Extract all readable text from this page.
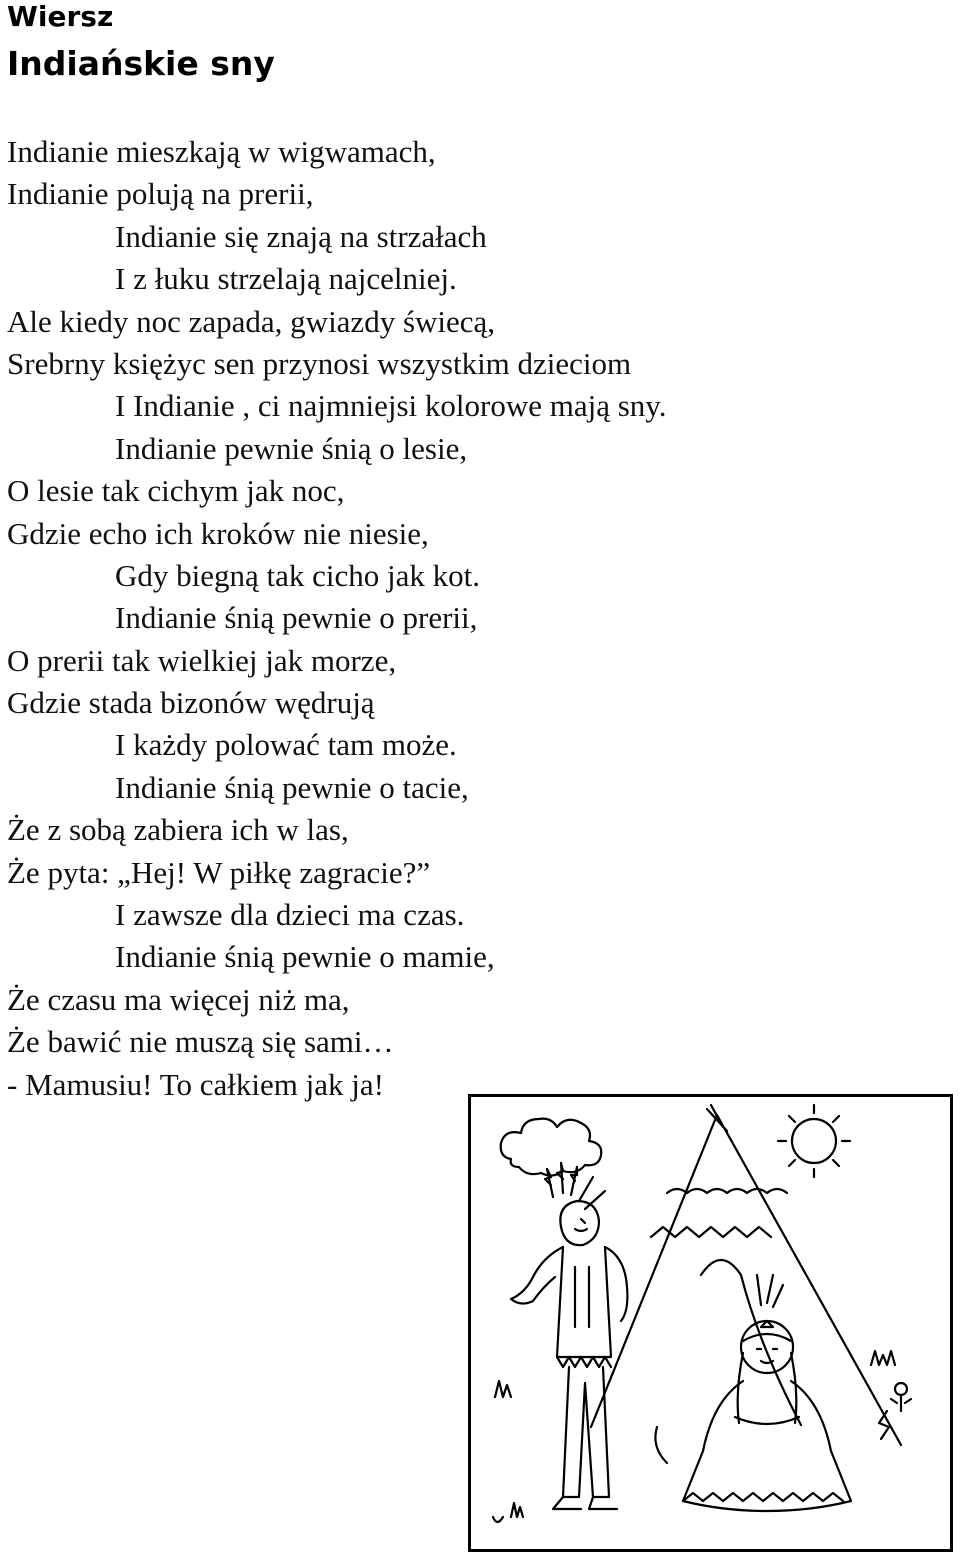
Wiersz
Indiańskie sny
Indianie mieszkają w wigwamach,
Indianie polują na prerii,
Indianie się znają na strzałach
I z łuku strzelają najcelniej.
Ale kiedy noc zapada, gwiazdy świecą,
Srebrny księżyc sen przynosi wszystkim dzieciom
I Indianie , ci najmniejsi kolorowe mają sny.
Indianie pewnie śnią o lesie,
O lesie tak cichym jak noc,
Gdzie echo ich kroków nie niesie,
Gdy biegną tak cicho jak kot.
Indianie śnią pewnie o prerii,
O prerii tak wielkiej jak morze,
Gdzie stada bizonów wędrują
I każdy polować tam może.
Indianie śnią pewnie o tacie,
Że z sobą zabiera ich w las,
Że pyta: „Hej! W piłkę zagracie?”
I zawsze dla dzieci ma czas.
Indianie śnią pewnie o mamie,
Że czasu ma więcej niż ma,
Że bawić nie muszą się sami…
- Mamusiu! To całkiem jak ja!
